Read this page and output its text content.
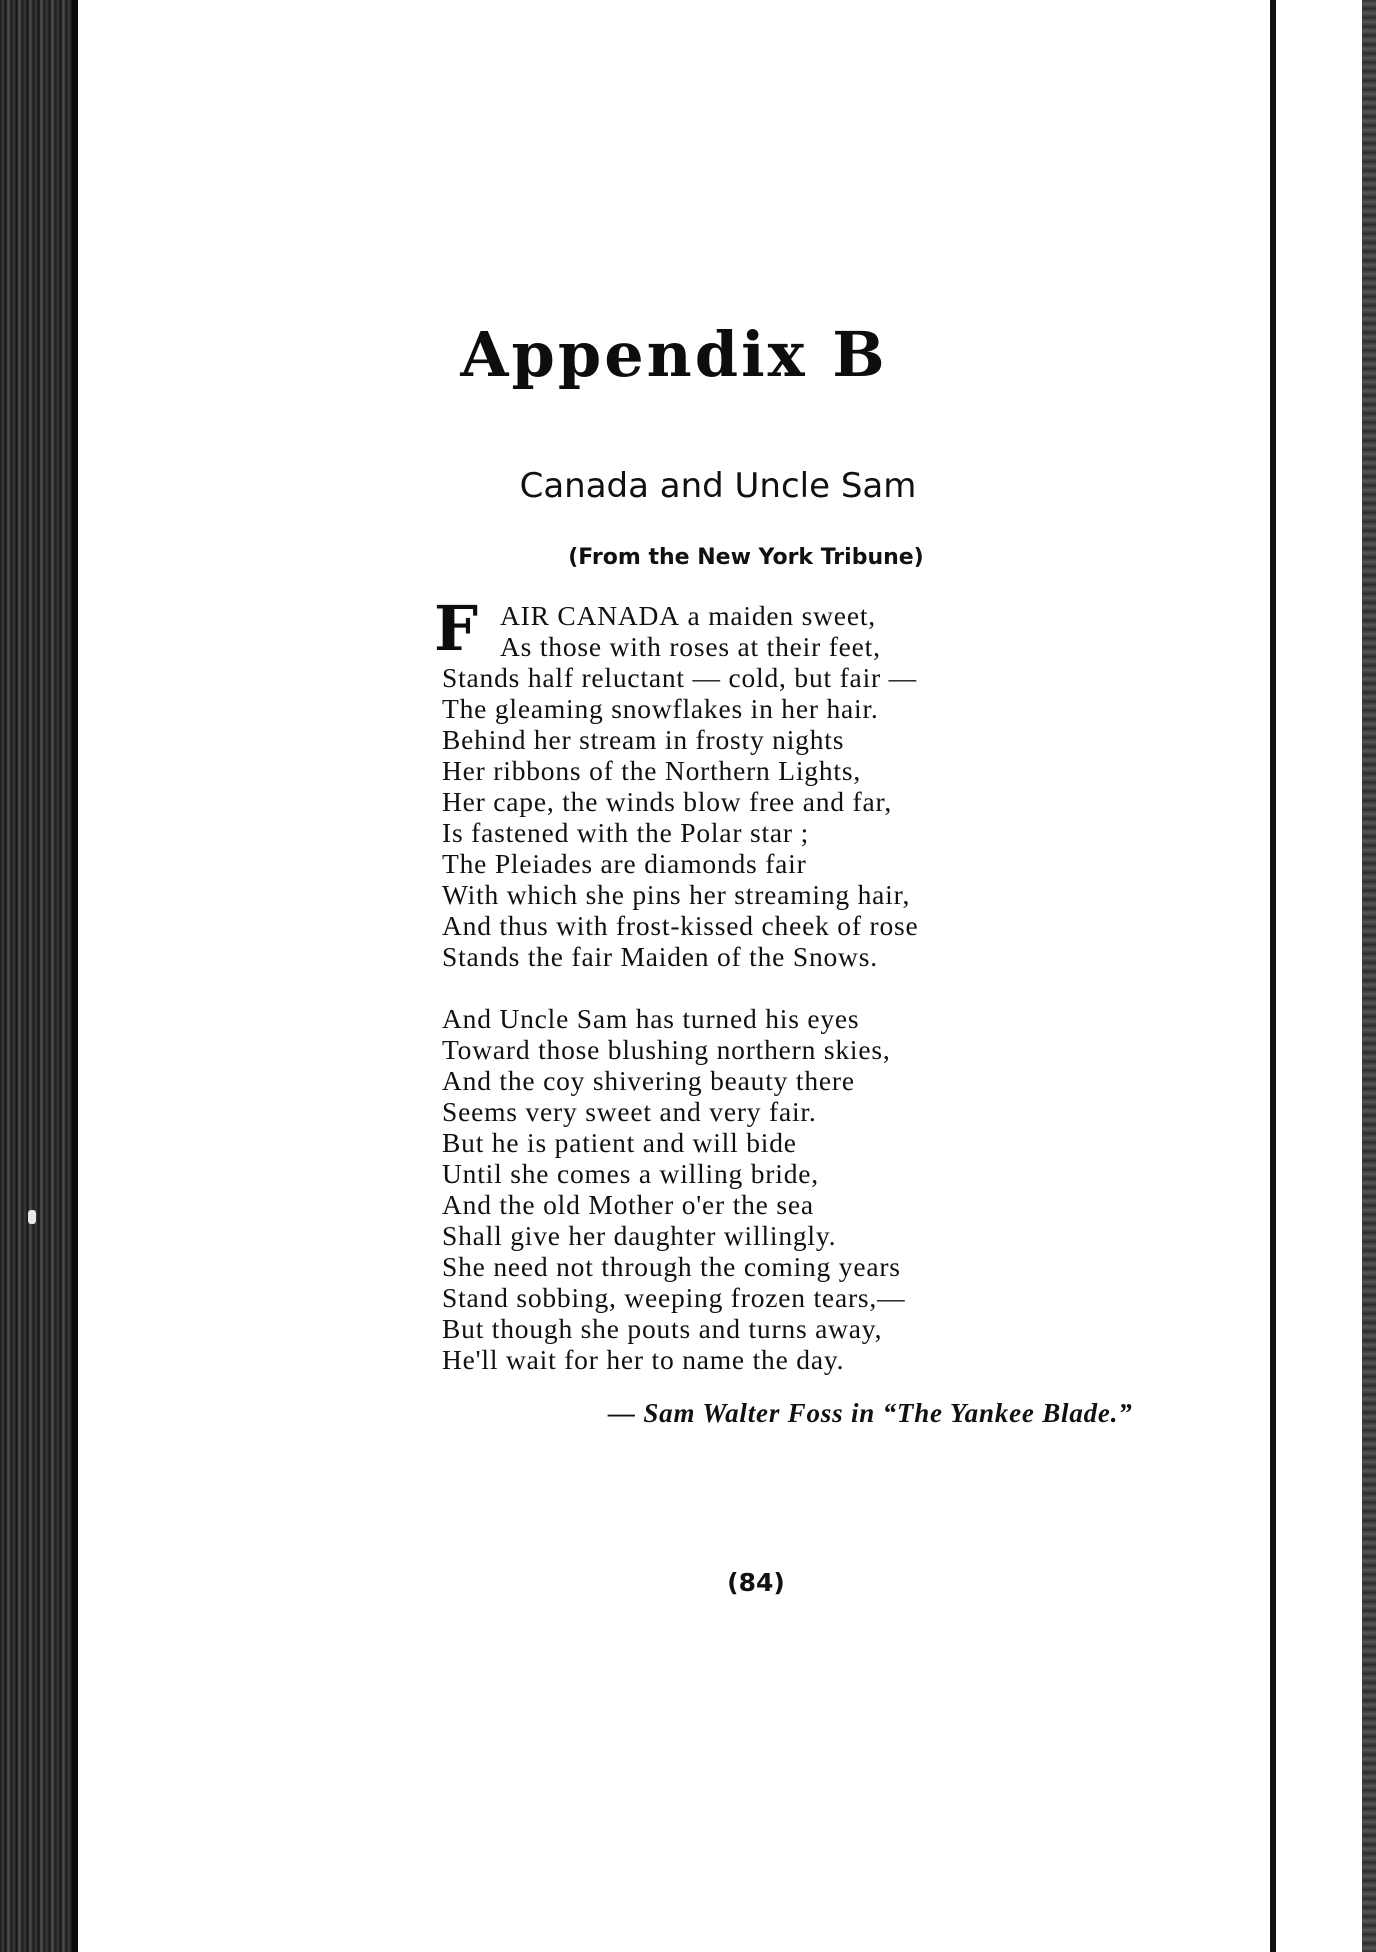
Appendix B
Canada and Uncle Sam
(From the New York Tribune)
F AIR CANADA a maiden sweet,
As those with roses at their feet,
Stands half reluctant — cold, but fair —
The gleaming snowflakes in her hair.
Behind her stream in frosty nights
Her ribbons of the Northern Lights,
Her cape, the winds blow free and far,
Is fastened with the Polar star ;
The Pleiades are diamonds fair
With which she pins her streaming hair,
And thus with frost-kissed cheek of rose
Stands the fair Maiden of the Snows.
And Uncle Sam has turned his eyes
Toward those blushing northern skies,
And the coy shivering beauty there
Seems very sweet and very fair.
But he is patient and will bide
Until she comes a willing bride,
And the old Mother o'er the sea
Shall give her daughter willingly.
She need not through the coming years
Stand sobbing, weeping frozen tears,—
But though she pouts and turns away,
He'll wait for her to name the day.
— Sam Walter Foss in “The Yankee Blade.”
(84)
